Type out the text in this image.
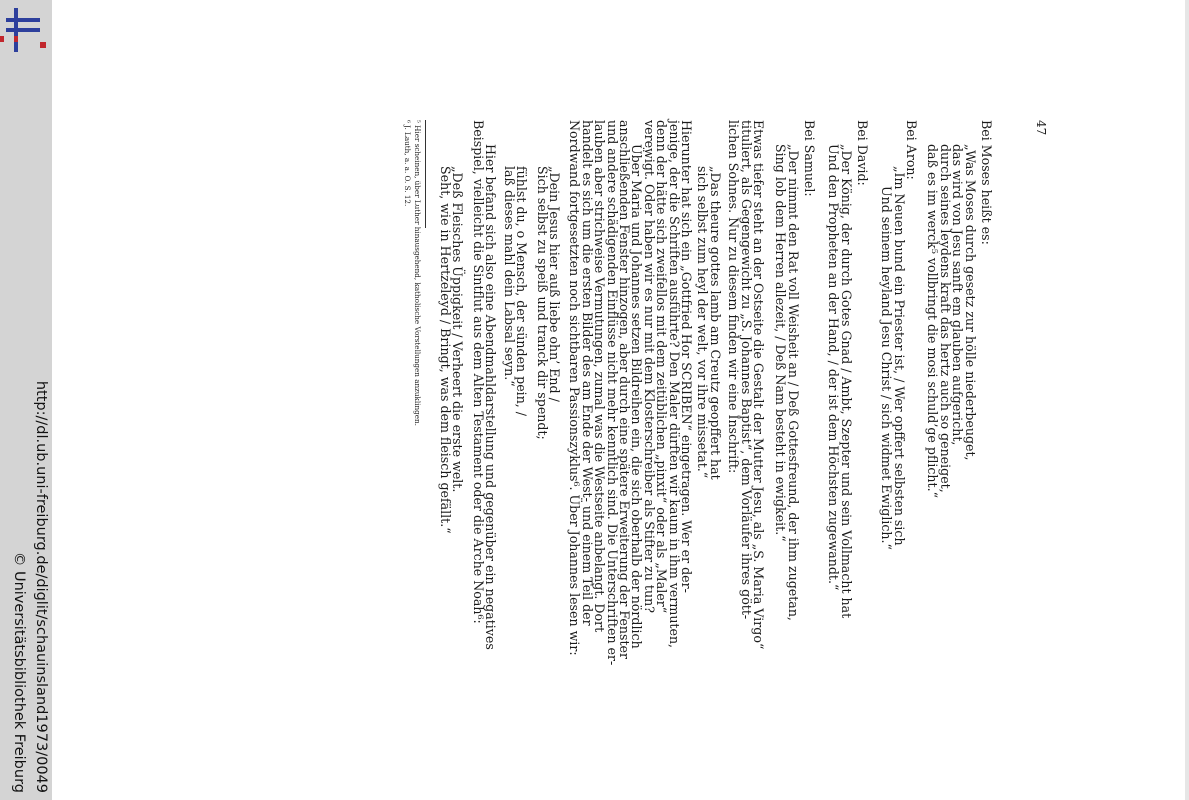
http://dl.ub.uni-freiburg.de/diglit/schauinsland1973/0049
© Universitätsbibliothek Freiburg
Bei Moses heißt es:
„Was Moses durch gesetz zur hölle niederbeuget,
das wird von Jesu sanft em glauben aufgericht,
durch seines leydens kraft das hertz auch so geneiget,
daß es im werck⁵ vollbringt die mosi schuld’ge pflicht.“
Bei Aron:
„Im Neuen bund ein Priester ist, / Wer opffert selbsten sich
Und seinem heyland Jesu Christ / sich widmet Ewiglich.“
Bei David:
„Der König, der durch Gotes Gnad / Ambt, Szepter und sein Vollmacht hat
Und den Propheten an der Hand, / der ist dem Höchsten zugewandt.“
Bei Samuel:
„Der nimmt den Rat voll Weisheit an / Deß Gottesfreund, der ihm zugetan,
Sing lob dem Herren allezeit, / Deß Nam besteht in ewigkeit.“
Etwas tiefer steht an der Ostseite die Gestalt der Mutter Jesu, als „S. Maria Virgo“
tituliert, als Gegengewicht zu „S. Johannes Baptist“, dem Vorläufer ihres gött-
lichen Sohnes. Nur zu diesem finden wir eine Inschrift:
„Das theure gottes lamb am Creutz geopffert hat
sich selbst zum heyl der welt, vor ihre missetat.“
Hierunter hat sich ein „Gottfried Hor SCRIBEN“ eingetragen. Wer er der-
jenige, der die Schriften ausführte? Den Maler dürften wir kaum in ihm vermuten,
denn der hätte sich zweifellos mit dem zeitüblichen „pinxit“ oder als „Maler“
verewigt. Oder haben wir es nur mit dem Klosterschreiber als Stifter zu tun?
Über Maria und Johannes setzen Bildreihen ein, die sich oberhalb der nördlich
anschließenden Fenster hinzogen, aber durch eine spätere Erweiterung der Fenster
und andere schädigenden Einflüsse nicht mehr kenntlich sind. Die Unterschriften er-
lauben aber strichweise Vermutungen, zumal was die Westseite anbelangt. Dort
handelt es sich um die ersten Bilder des am Ende der West- und einem Teil der
Nordwand fortgesetzten noch sichtbaren Passionszyklus⁶. Über Johannes lesen wir:
„Dein Jesus hier auß liebe ohn’ End /
Sich selbst zu speiß und tranck dir spendt;
fühlst du, o Mensch, der sünden pein, /
laß dieses mahl dein Labsal seyn.“
Hier befand sich also eine Abendmahldarstellung und gegenüber ein negatives
Beispiel, vielleicht die Sintflut aus dem Alten Testament oder die Arche Noah⁶:
„Deß Fleisches Üppigkeit / Verheert die erste welt.
Seht, wie in Hertzeleyd / Bringt, was dem fleisch gefällt.“
⁵ Hier scheinen, über Luther hinausgehend, katholische Vorstellungen anzuklingen.
⁶ J. Lauth, a. a. O. S. 12.	47
